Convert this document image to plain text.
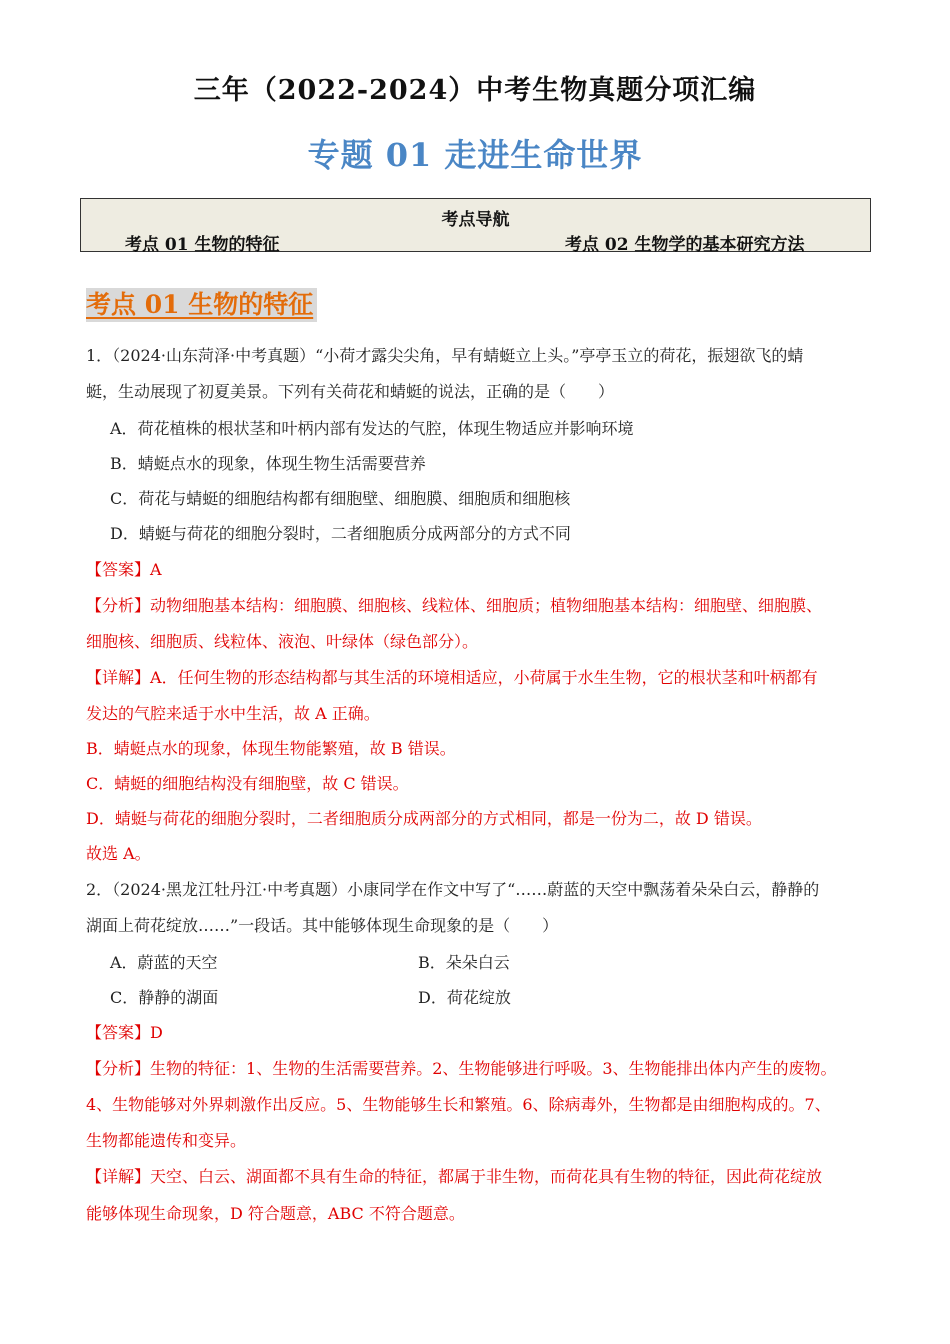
三年（2022-2024）中考生物真题分项汇编
专题 01 走进生命世界
考点导航
考点 01 生物的特征	考点 02 生物学的基本研究方法
考点 01 生物的特征
1．（2024·山东菏泽·中考真题）“小荷才露尖尖角，早有蜻蜓立上头。”亭亭玉立的荷花，振翅欲飞的蜻
蜓，生动展现了初夏美景。下列有关荷花和蜻蜓的说法，正确的是（　　）
A．荷花植株的根状茎和叶柄内部有发达的气腔，体现生物适应并影响环境
B．蜻蜓点水的现象，体现生物生活需要营养
C．荷花与蜻蜓的细胞结构都有细胞壁、细胞膜、细胞质和细胞核
D．蜻蜓与荷花的细胞分裂时，二者细胞质分成两部分的方式不同
【答案】A
【分析】动物细胞基本结构：细胞膜、细胞核、线粒体、细胞质；植物细胞基本结构：细胞壁、细胞膜、
细胞核、细胞质、线粒体、液泡、叶绿体（绿色部分）。
【详解】A．任何生物的形态结构都与其生活的环境相适应，小荷属于水生生物，它的根状茎和叶柄都有
发达的气腔来适于水中生活，故 A 正确。
B．蜻蜓点水的现象，体现生物能繁殖，故 B 错误。
C．蜻蜓的细胞结构没有细胞壁，故 C 错误。
D．蜻蜓与荷花的细胞分裂时，二者细胞质分成两部分的方式相同，都是一份为二，故 D 错误。
故选 A。
2．（2024·黑龙江牡丹江·中考真题）小康同学在作文中写了“……蔚蓝的天空中飘荡着朵朵白云，静静的
湖面上荷花绽放……”一段话。其中能够体现生命现象的是（　　）
A．蔚蓝的天空	B．朵朵白云
C．静静的湖面	D．荷花绽放
【答案】D
【分析】生物的特征：1、生物的生活需要营养。2、生物能够进行呼吸。3、生物能排出体内产生的废物。
4、生物能够对外界刺激作出反应。5、生物能够生长和繁殖。6、除病毒外，生物都是由细胞构成的。7、
生物都能遗传和变异。
【详解】天空、白云、湖面都不具有生命的特征，都属于非生物，而荷花具有生物的特征，因此荷花绽放
能够体现生命现象，D 符合题意，ABC 不符合题意。
